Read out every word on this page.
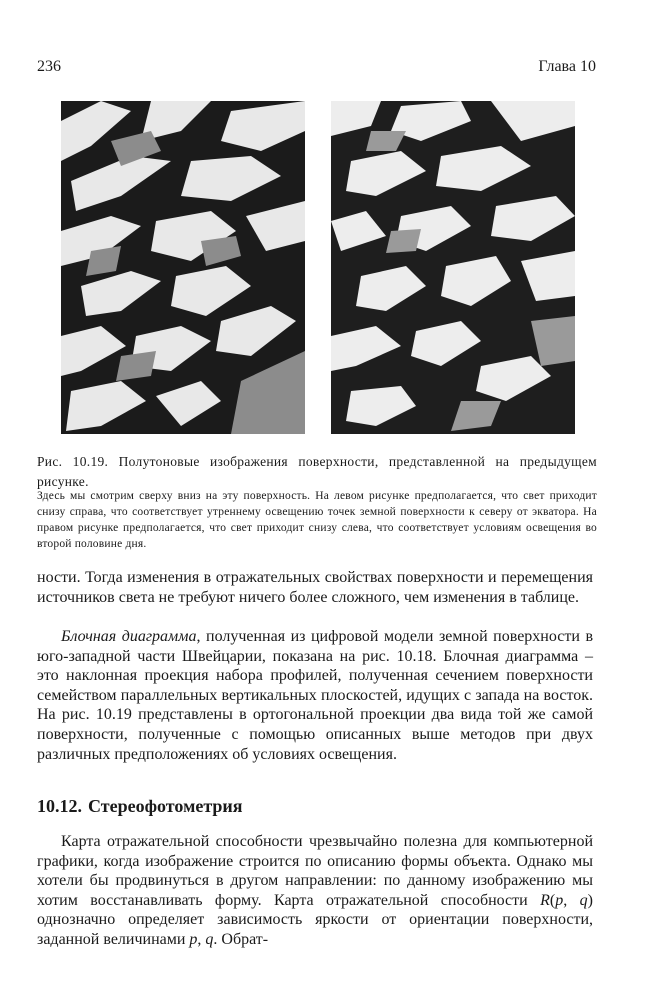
236	Глава 10
Рис. 10.19. Полутоновые изображения поверхности, представленной на предыдущем рисунке.
Здесь мы смотрим сверху вниз на эту поверхность. На левом рисунке предполагается, что свет приходит снизу справа, что соответствует утреннему освещению точек земной поверхности к северу от экватора. На правом рисунке предполагается, что свет приходит снизу слева, что соответствует условиям освещения во второй половине дня.

ности. Тогда изменения в отражательных свойствах поверхности и перемещения источников света не требуют ничего более сложного, чем изменения в таблице.

Блочная диаграмма, полученная из цифровой модели земной поверхности в юго-западной части Швейцарии, показана на рис. 10.18. Блочная диаграмма – это наклонная проекция набора профилей, полученная сечением поверхности семейством параллельных вертикальных плоскостей, идущих с запада на восток. На рис. 10.19 представлены в ортогональной проекции два вида той же самой поверхности, полученные с помощью описанных выше методов при двух различных предположениях об условиях освещения.

10.12. Стереофотометрия

Карта отражательной способности чрезвычайно полезна для компьютерной графики, когда изображение строится по описанию формы объекта. Однако мы хотели бы продвинуться в другом направлении: по данному изображению мы хотим восстанавливать форму. Карта отражательной способности R(p, q) однозначно определяет зависимость яркости от ориентации поверхности, заданной величинами p, q. Обрат-
